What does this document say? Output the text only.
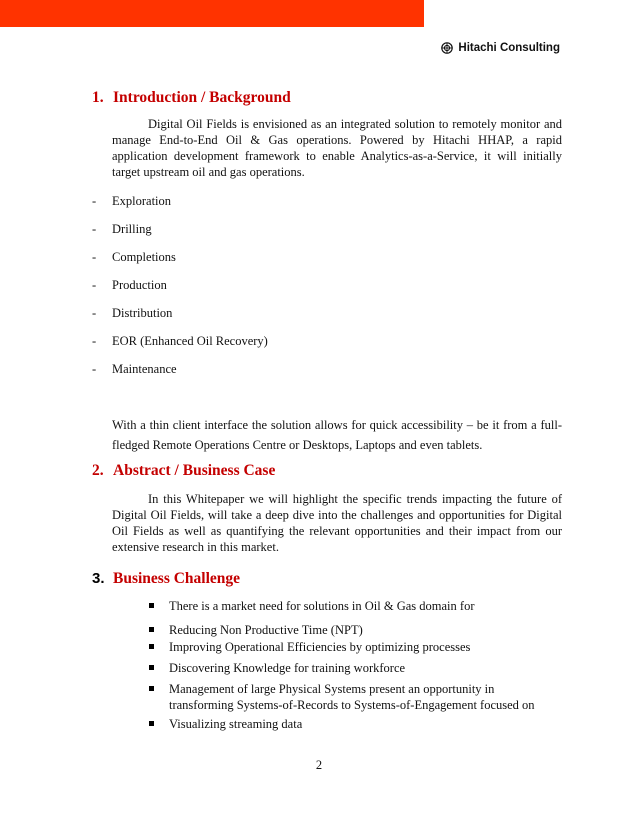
Hitachi Consulting
1. Introduction / Background

Digital Oil Fields is envisioned as an integrated solution to remotely monitor and manage End-to-End Oil & Gas operations. Powered by Hitachi HHAP, a rapid application development framework to enable Analytics-as-a-Service, it will initially target upstream oil and gas operations.

-	Exploration

-	Drilling

-	Completions

-	Production

-	Distribution

-	EOR (Enhanced Oil Recovery)

-	Maintenance

With a thin client interface the solution allows for quick accessibility – be it from a full-fledged Remote Operations Centre or Desktops, Laptops and even tablets.

2. Abstract / Business Case

In this Whitepaper we will highlight the specific trends impacting the future of Digital Oil Fields, will take a deep dive into the challenges and opportunities for Digital Oil Fields as well as quantifying the relevant opportunities and their impact from our extensive research in this market.

3. Business Challenge

There is a market need for solutions in Oil & Gas domain for

Reducing Non Productive Time (NPT)

Improving Operational Efficiencies by optimizing processes

Discovering Knowledge for training workforce

Management of large Physical Systems present an opportunity in transforming Systems-of-Records to Systems-of-Engagement focused on

Visualizing streaming data

2
